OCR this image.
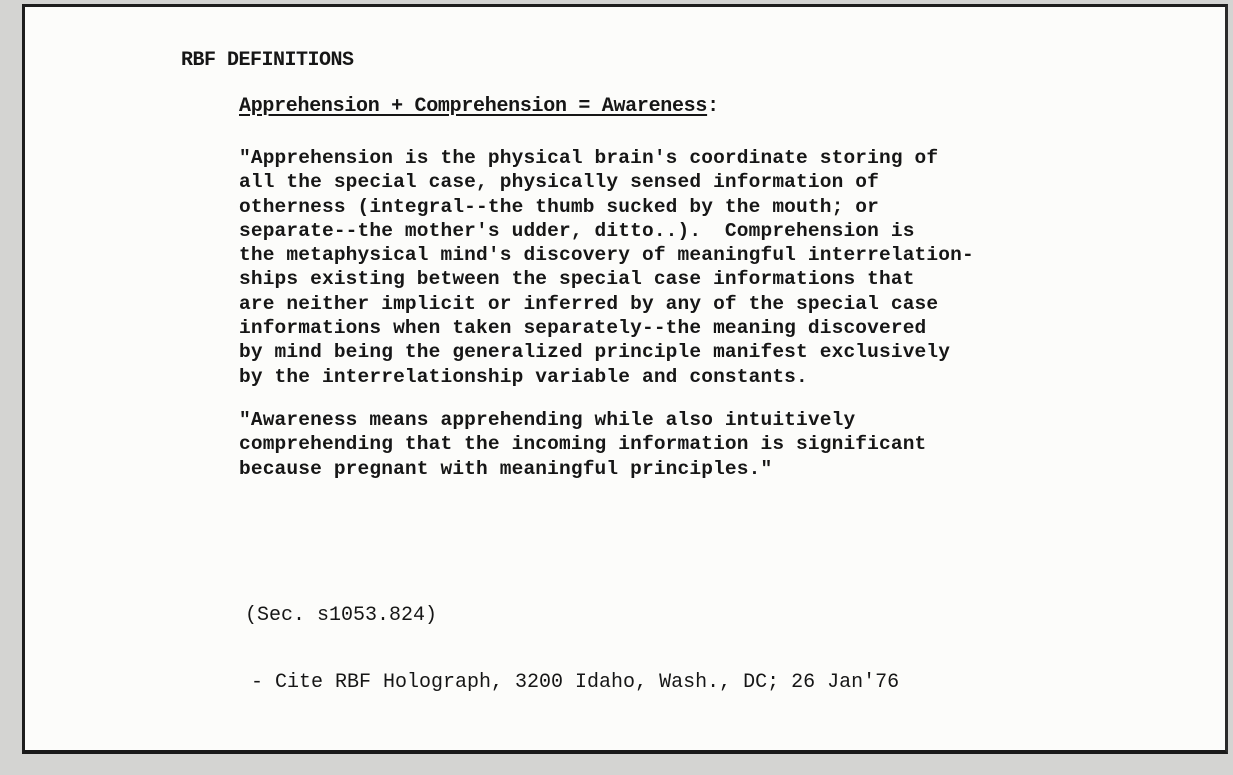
RBF DEFINITIONS

Apprehension + Comprehension = Awareness:

"Apprehension is the physical brain's coordinate storing of
all the special case, physically sensed information of
otherness (integral--the thumb sucked by the mouth; or
separate--the mother's udder, ditto..).  Comprehension is
the metaphysical mind's discovery of meaningful interrelation-
ships existing between the special case informations that
are neither implicit or inferred by any of the special case
informations when taken separately--the meaning discovered
by mind being the generalized principle manifest exclusively
by the interrelationship variable and constants.

"Awareness means apprehending while also intuitively
comprehending that the incoming information is significant
because pregnant with meaningful principles."

(Sec. s1053.824)

- Cite RBF Holograph, 3200 Idaho, Wash., DC; 26 Jan'76
